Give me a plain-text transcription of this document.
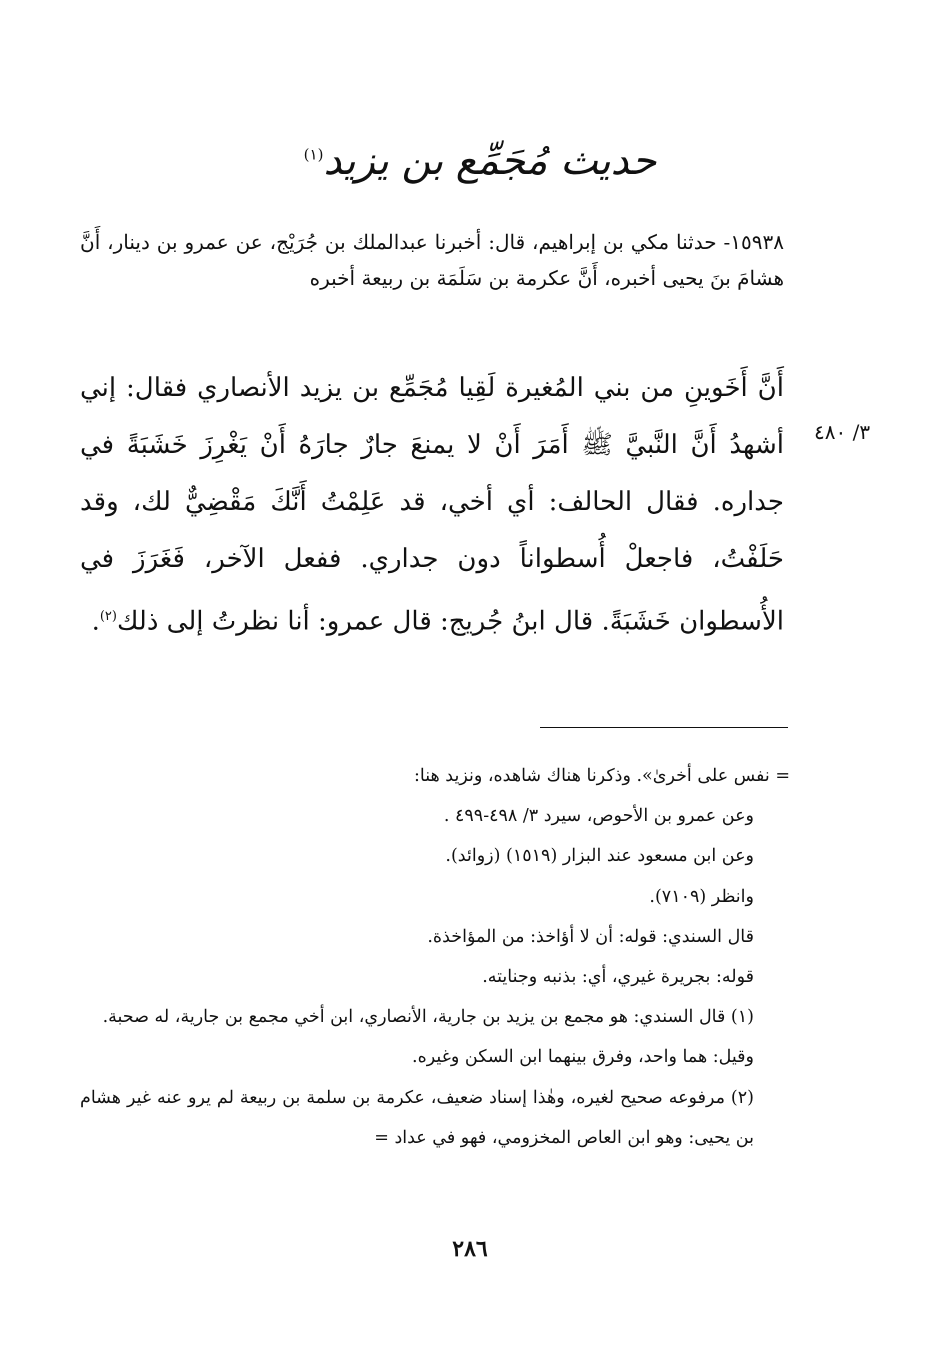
حديث مُجَمِّع بن يزيد$^{(١)}$
١٥٩٣٨- حدثنا مكي بن إبراهيم، قال: أخبرنا عبدالملك بن جُرَيْج، عن عمرو بن دينار، أَنَّ هشامَ بنَ يحيى أخبره، أَنَّ عكرمة بن سَلَمَة بن ربيعة أخبره
٣/ ٤٨٠
أَنَّ أَخَوينِ من بني المُغيرة لَقِيا مُجَمِّع بن يزيد الأنصاري فقال: إني أشهدُ أَنَّ النَّبيَّ ﷺ أَمَرَ أَنْ لا يمنعَ جارٌ جارَهُ أَنْ يَغْرِزَ خَشَبَةً في جداره. فقال الحالف: أي أخي، قد عَلِمْتُ أَنَّكَ مَقْضِيٌّ لك، وقد حَلَفْتُ، فاجعلْ أُسطواناً دون جداري. ففعل الآخر، فَغَرَزَ في الأُسطوان خَشَبَةً. قال ابنُ جُريج: قال عمرو: أنا نظرتُ إلى ذلك$^{(٢)}$.

= نفس على أخرىٰ». وذكرنا هناك شاهده، ونزيد هنا:

وعن عمرو بن الأحوص، سيرد ٣/ ٤٩٨-٤٩٩ .

وعن ابن مسعود عند البزار (١٥١٩) (زوائد).

وانظر (٧١٠٩).

قال السندي: قوله: أن لا أؤاخذ: من المؤاخذة.

قوله: بجريرة غيري، أي: بذنبه وجنايته.

(١) قال السندي: هو مجمع بن يزيد بن جارية، الأنصاري، ابن أخي مجمع بن جارية، له صحبة.

وقيل: هما واحد، وفرق بينهما ابن السكن وغيره.

(٢) مرفوعه صحيح لغيره، وهٰذا إسناد ضعيف، عكرمة بن سلمة بن ربيعة لم يرو عنه غير هشام بن يحيى: وهو ابن العاص المخزومي، فهو في عداد =

٢٨٦
